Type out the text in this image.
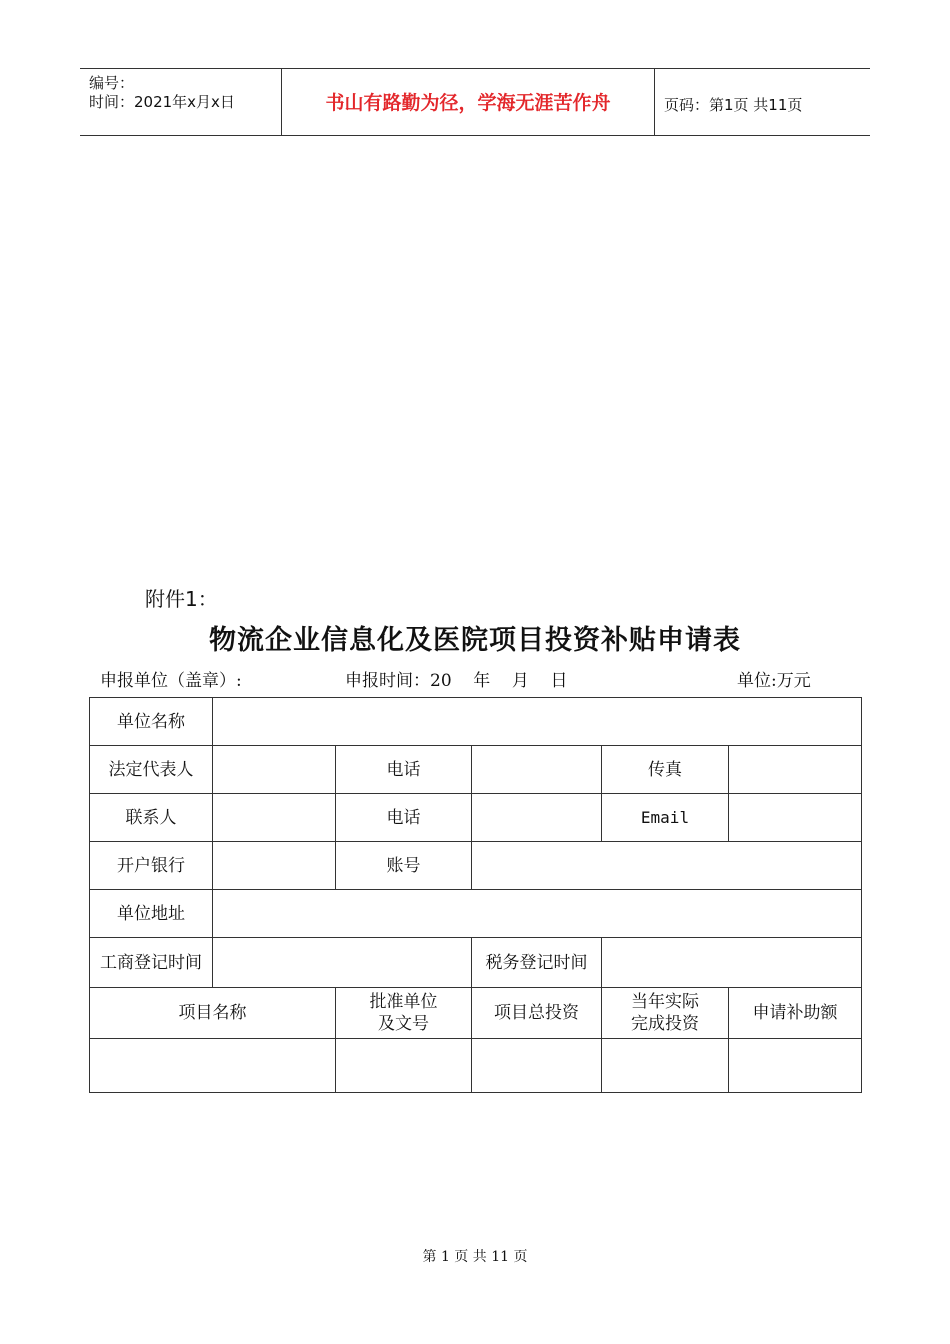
编号：
时间：2021年x月x日	书山有路勤为径，学海无涯苦作舟	页码：第1页 共11页
附件1：
物流企业信息化及医院项目投资补贴申请表
申报单位（盖章）:	申报时间：20    年    月    日	单位:万元
单位名称					
法定代表人		电话		传真	
联系人		电话		Email	
开户银行		账号			
单位地址					
工商登记时间			税务登记时间		
项目名称		批准单位及文号	项目总投资	当年实际完成投资	申请补助额

第 1 页 共 11 页
